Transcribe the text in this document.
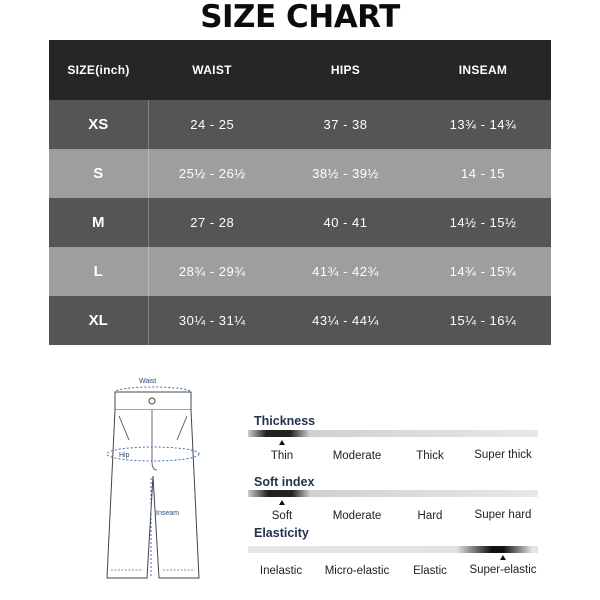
SIZE CHART
SIZE(inch)	WAIST	HIPS	INSEAM
XS	24 - 25	37 - 38	13¾ - 14¾
S	25½ - 26½	38½ - 39½	14 - 15
M	27 - 28	40 - 41	14½ - 15½
L	28¾ - 29¾	41¾ - 42¾	14¾ - 15¾
XL	30¼ - 31¼	43¼ - 44¼	15¼ - 16¼
Waist
Hip
Inseam
Thickness
Thin	Moderate	Thick	Super thick
Soft index
Soft	Moderate	Hard	Super hard
Elasticity
Inelastic Micro-elastic Elastic Super-elastic
